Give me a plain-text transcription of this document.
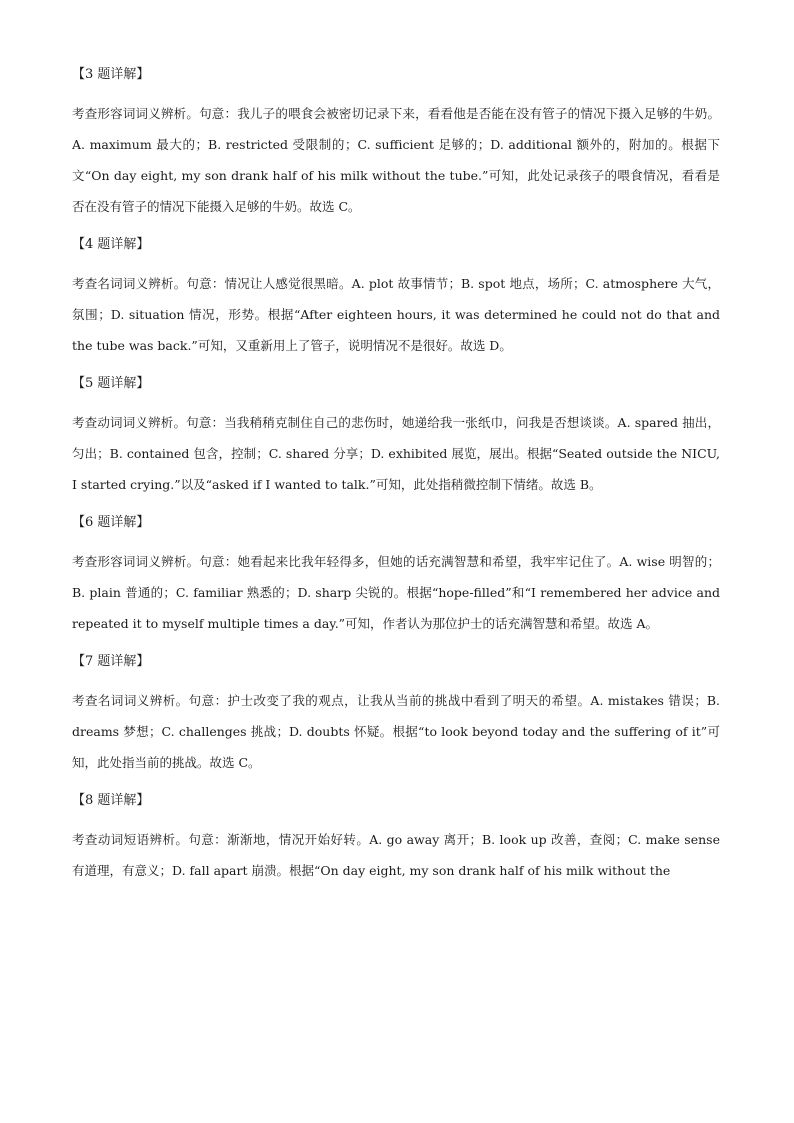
【3 题详解】
考查形容词词义辨析。句意：我儿子的喂食会被密切记录下来，看看他是否能在没有管子的情况下摄入足够的牛奶。A. maximum 最大的；B. restricted 受限制的；C. sufficient 足够的；D. additional 额外的，附加的。根据下文“On day eight, my son drank half of his milk without the tube.”可知，此处记录孩子的喂食情况，看看是否在没有管子的情况下能摄入足够的牛奶。故选 C。
【4 题详解】
考查名词词义辨析。句意：情况让人感觉很黑暗。A. plot 故事情节；B. spot 地点，场所；C. atmosphere 大气，氛围；D. situation 情况，形势。根据“After eighteen hours, it was determined he could not do that and the tube was back.”可知，又重新用上了管子，说明情况不是很好。故选 D。
【5 题详解】
考查动词词义辨析。句意：当我稍稍克制住自己的悲伤时，她递给我一张纸巾，问我是否想谈谈。A. spared 抽出，匀出；B. contained 包含，控制；C. shared 分享；D. exhibited 展览，展出。根据“Seated outside the NICU, I started crying.”以及“asked if I wanted to talk.”可知，此处指稍微控制下情绪。故选 B。
【6 题详解】
考查形容词词义辨析。句意：她看起来比我年轻得多，但她的话充满智慧和希望，我牢牢记住了。A. wise 明智的；B. plain 普通的；C. familiar 熟悉的；D. sharp 尖锐的。根据“hope-filled”和“I remembered her advice and repeated it to myself multiple times a day.”可知，作者认为那位护士的话充满智慧和希望。故选 A。
【7 题详解】
考查名词词义辨析。句意：护士改变了我的观点，让我从当前的挑战中看到了明天的希望。A. mistakes 错误；B. dreams 梦想；C. challenges 挑战；D. doubts 怀疑。根据“to look beyond today and the suffering of it”可知，此处指当前的挑战。故选 C。
【8 题详解】
考查动词短语辨析。句意：渐渐地，情况开始好转。A. go away 离开；B. look up 改善，查阅；C. make sense 有道理，有意义；D. fall apart 崩溃。根据“On day eight, my son drank half of his milk without the
